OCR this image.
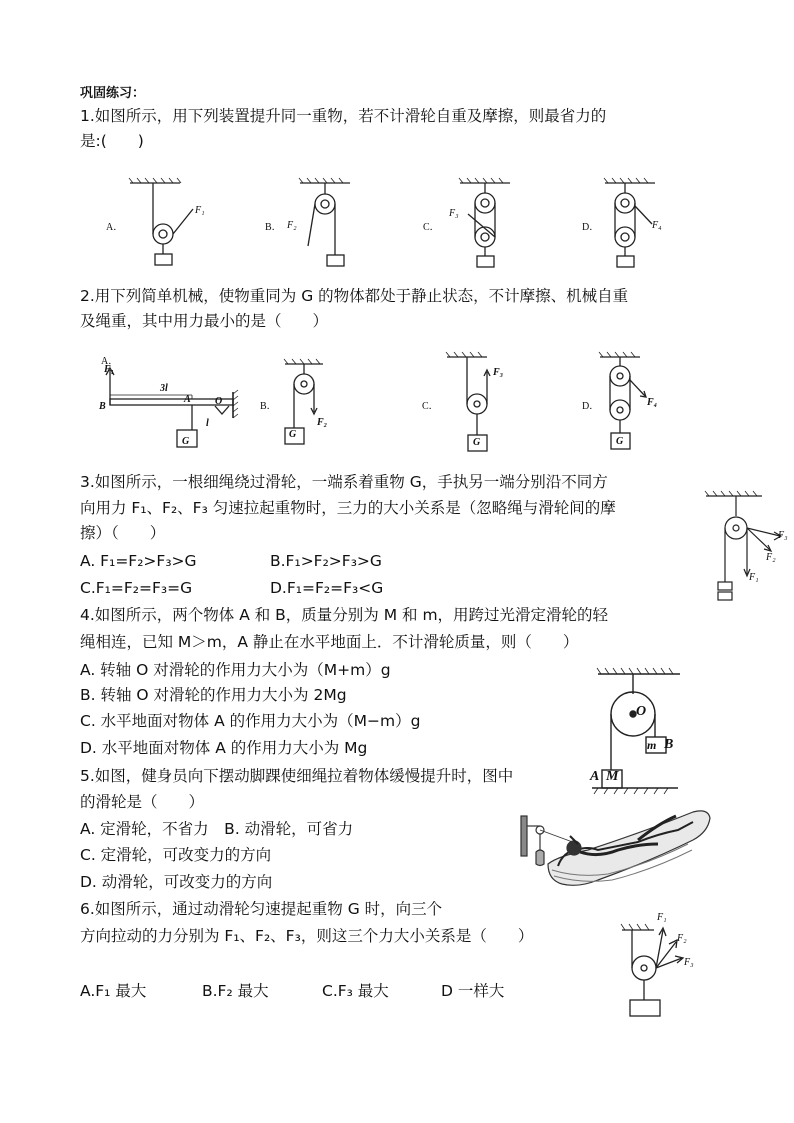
巩固练习：
1.如图所示，用下列装置提升同一重物，若不计滑轮自重及摩擦，则最省力的
是:(　　)
A．
F₁
B． F₂	C．
F₃
D．	F₄
2.用下列简单机械，使物重同为 G 的物体都处于静止状态，不计摩擦、机械自重
及绳重，其中用力最小的是（　　）
A．
F₁
B
3l
A O
l
G
B．
F₂
G
C．
F₃
G
D．	F₄
G
3.如图所示，一根细绳绕过滑轮，一端系着重物 G，手执另一端分别沿不同方
向用力 F₁、F₂、F₃ 匀速拉起重物时，三力的大小关系是（忽略绳与滑轮间的摩
擦）（　　）
A. F₁=F₂>F₃>G	B.F₁>F₂>F₃>G
C.F₁=F₂=F₃=G	D.F₁=F₂=F₃<G
F₁
F₂
F₃
4.如图所示，两个物体 A 和 B，质量分别为 M 和 m，用跨过光滑定滑轮的轻
绳相连，已知 M＞m，A 静止在水平地面上．不计滑轮质量，则（　　）
A. 转轴 O 对滑轮的作用力大小为（M+m）g
B. 转轴 O 对滑轮的作用力大小为 2Mg
C. 水平地面对物体 A 的作用力大小为（M−m）g
D. 水平地面对物体 A 的作用力大小为 Mg
O
m B
A M
5.如图，健身员向下摆动脚踝使细绳拉着物体缓慢提升时，图中
的滑轮是（　　）
A. 定滑轮，不省力　B. 动滑轮，可省力
C. 定滑轮，可改变力的方向
D. 动滑轮，可改变力的方向
6.如图所示，通过动滑轮匀速提起重物 G 时，向三个
方向拉动的力分别为 F₁、F₂、F₃，则这三个力大小关系是（　　）
A.F₁ 最大	B.F₂ 最大	C.F₃ 最大	D 一样大
F₁
F₂
F₃
